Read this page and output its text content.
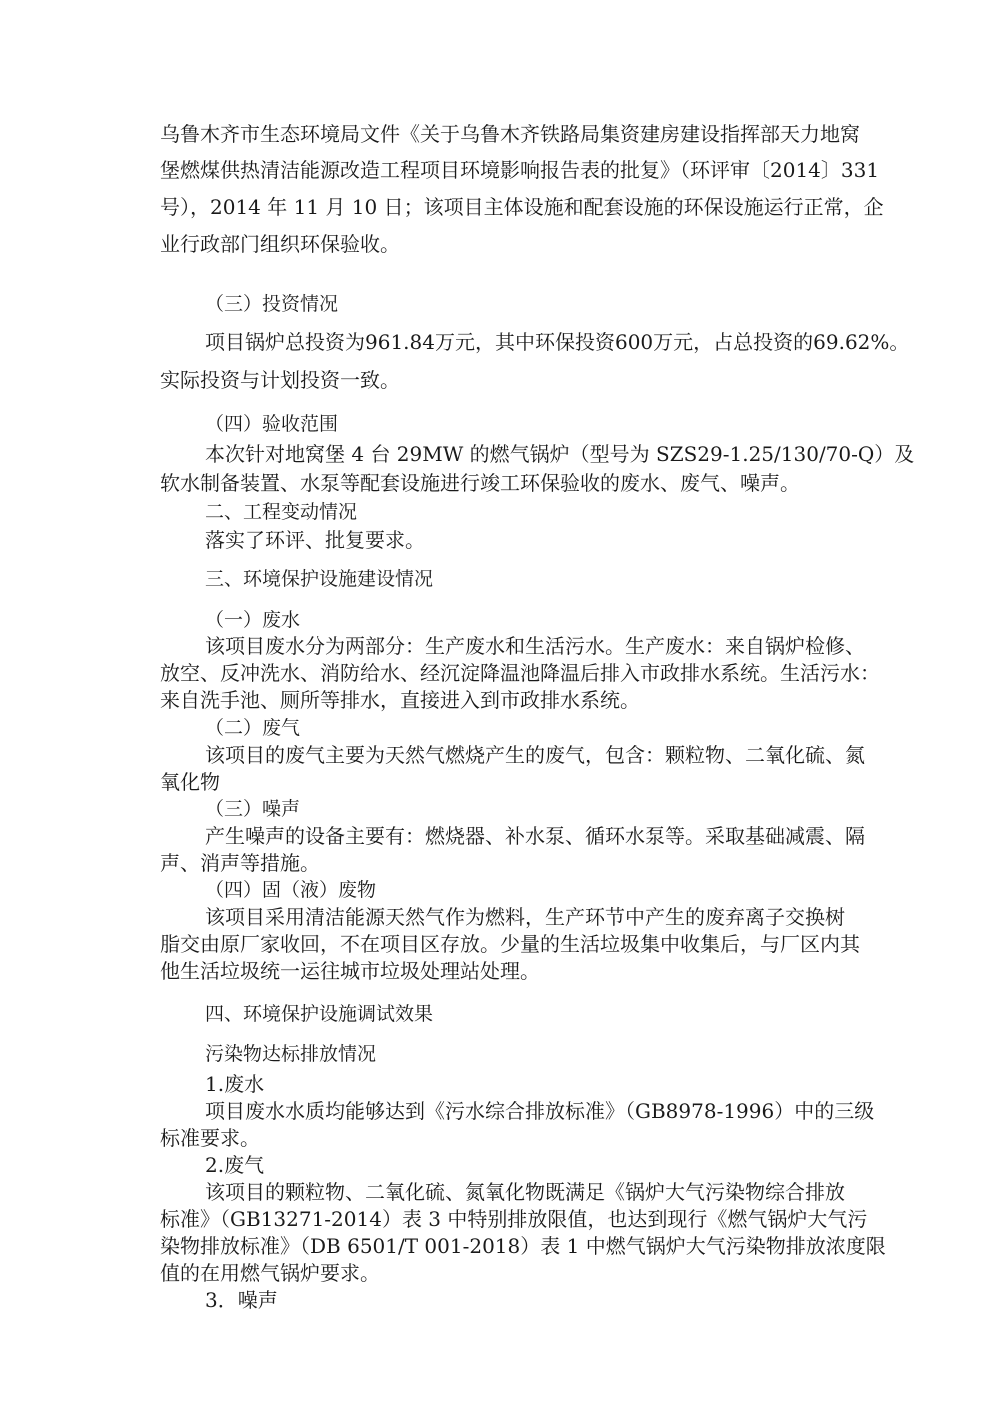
乌鲁木齐市生态环境局文件《关于乌鲁木齐铁路局集资建房建设指挥部天力地窝
堡燃煤供热清洁能源改造工程项目环境影响报告表的批复》（环评审〔2014〕331
号），2014 年 11 月 10 日；该项目主体设施和配套设施的环保设施运行正常，企
业行政部门组织环保验收。
（三）投资情况
项目锅炉总投资为961.84万元，其中环保投资600万元，占总投资的69.62%。
实际投资与计划投资一致。
（四）验收范围
本次针对地窝堡 4 台 29MW 的燃气锅炉（型号为 SZS29-1.25/130/70-Q）及
软水制备装置、水泵等配套设施进行竣工环保验收的废水、废气、噪声。
二、工程变动情况
落实了环评、批复要求。
三、环境保护设施建设情况
（一）废水
该项目废水分为两部分：生产废水和生活污水。生产废水：来自锅炉检修、
放空、反冲洗水、消防给水、经沉淀降温池降温后排入市政排水系统。生活污水：
来自洗手池、厕所等排水，直接进入到市政排水系统。
（二）废气
该项目的废气主要为天然气燃烧产生的废气，包含：颗粒物、二氧化硫、氮
氧化物
（三）噪声
产生噪声的设备主要有：燃烧器、补水泵、循环水泵等。采取基础减震、隔
声、消声等措施。
（四）固（液）废物
该项目采用清洁能源天然气作为燃料，生产环节中产生的废弃离子交换树
脂交由原厂家收回，不在项目区存放。少量的生活垃圾集中收集后，与厂区内其
他生活垃圾统一运往城市垃圾处理站处理。
四、环境保护设施调试效果
污染物达标排放情况
1.废水
项目废水水质均能够达到《污水综合排放标准》（GB8978-1996）中的三级
标准要求。
2.废气
该项目的颗粒物、二氧化硫、氮氧化物既满足《锅炉大气污染物综合排放
标准》（GB13271-2014）表 3 中特别排放限值，也达到现行《燃气锅炉大气污
染物排放标准》（DB 6501/T 001-2018）表 1 中燃气锅炉大气污染物排放浓度限
值的在用燃气锅炉要求。
3．噪声
